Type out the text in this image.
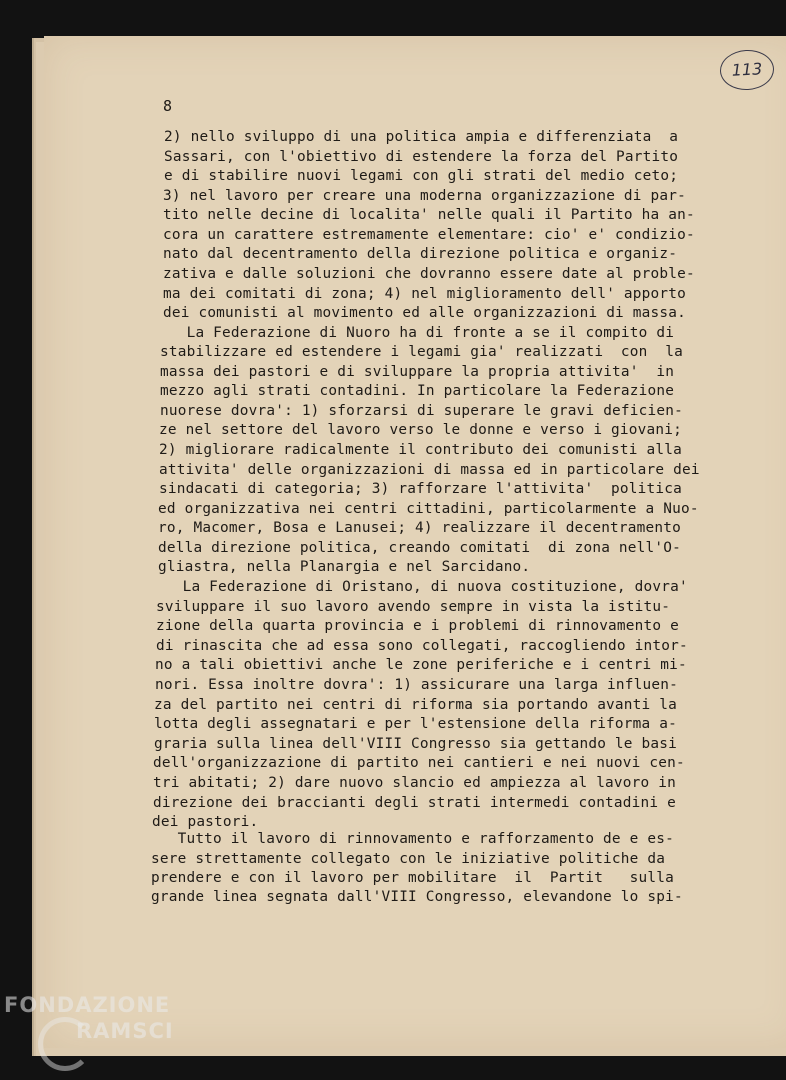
113
8
2) nello sviluppo di una politica ampia e differenziata  a
Sassari, con l'obiettivo di estendere la forza del Partito
e di stabilire nuovi legami con gli strati del medio ceto;
3) nel lavoro per creare una moderna organizzazione di par-
tito nelle decine di localita' nelle quali il Partito ha an-
cora un carattere estremamente elementare: cio' e' condizio-
nato dal decentramento della direzione politica e organiz-
zativa e dalle soluzioni che dovranno essere date al proble-
ma dei comitati di zona; 4) nel miglioramento dell' apporto
dei comunisti al movimento ed alle organizzazioni di massa.
La Federazione di Nuoro ha di fronte a se il compito di
stabilizzare ed estendere i legami gia' realizzati  con  la
massa dei pastori e di sviluppare la propria attivita'  in
mezzo agli strati contadini. In particolare la Federazione
nuorese dovra': 1) sforzarsi di superare le gravi deficien-
ze nel settore del lavoro verso le donne e verso i giovani;
2) migliorare radicalmente il contributo dei comunisti alla
attivita' delle organizzazioni di massa ed in particolare dei
sindacati di categoria; 3) rafforzare l'attivita'  politica
ed organizzativa nei centri cittadini, particolarmente a Nuo-
ro, Macomer, Bosa e Lanusei; 4) realizzare il decentramento
della direzione politica, creando comitati  di zona nell'O-
gliastra, nella Planargia e nel Sarcidano.
La Federazione di Oristano, di nuova costituzione, dovra'
sviluppare il suo lavoro avendo sempre in vista la istitu-
zione della quarta provincia e i problemi di rinnovamento e
di rinascita che ad essa sono collegati, raccogliendo intor-
no a tali obiettivi anche le zone periferiche e i centri mi-
nori. Essa inoltre dovra': 1) assicurare una larga influen-
za del partito nei centri di riforma sia portando avanti la
lotta degli assegnatari e per l'estensione della riforma a-
graria sulla linea dell'VIII Congresso sia gettando le basi
dell'organizzazione di partito nei cantieri e nei nuovi cen-
tri abitati; 2) dare nuovo slancio ed ampiezza al lavoro in
direzione dei braccianti degli strati intermedi contadini e
dei pastori.
Tutto il lavoro di rinnovamento e rafforzamento de e es-
sere strettamente collegato con le iniziative politiche da
prendere e con il lavoro per mobilitare  il  Partit   sulla
grande linea segnata dall'VIII Congresso, elevandone lo spi-
FONDAZIONE
RAMSCI
